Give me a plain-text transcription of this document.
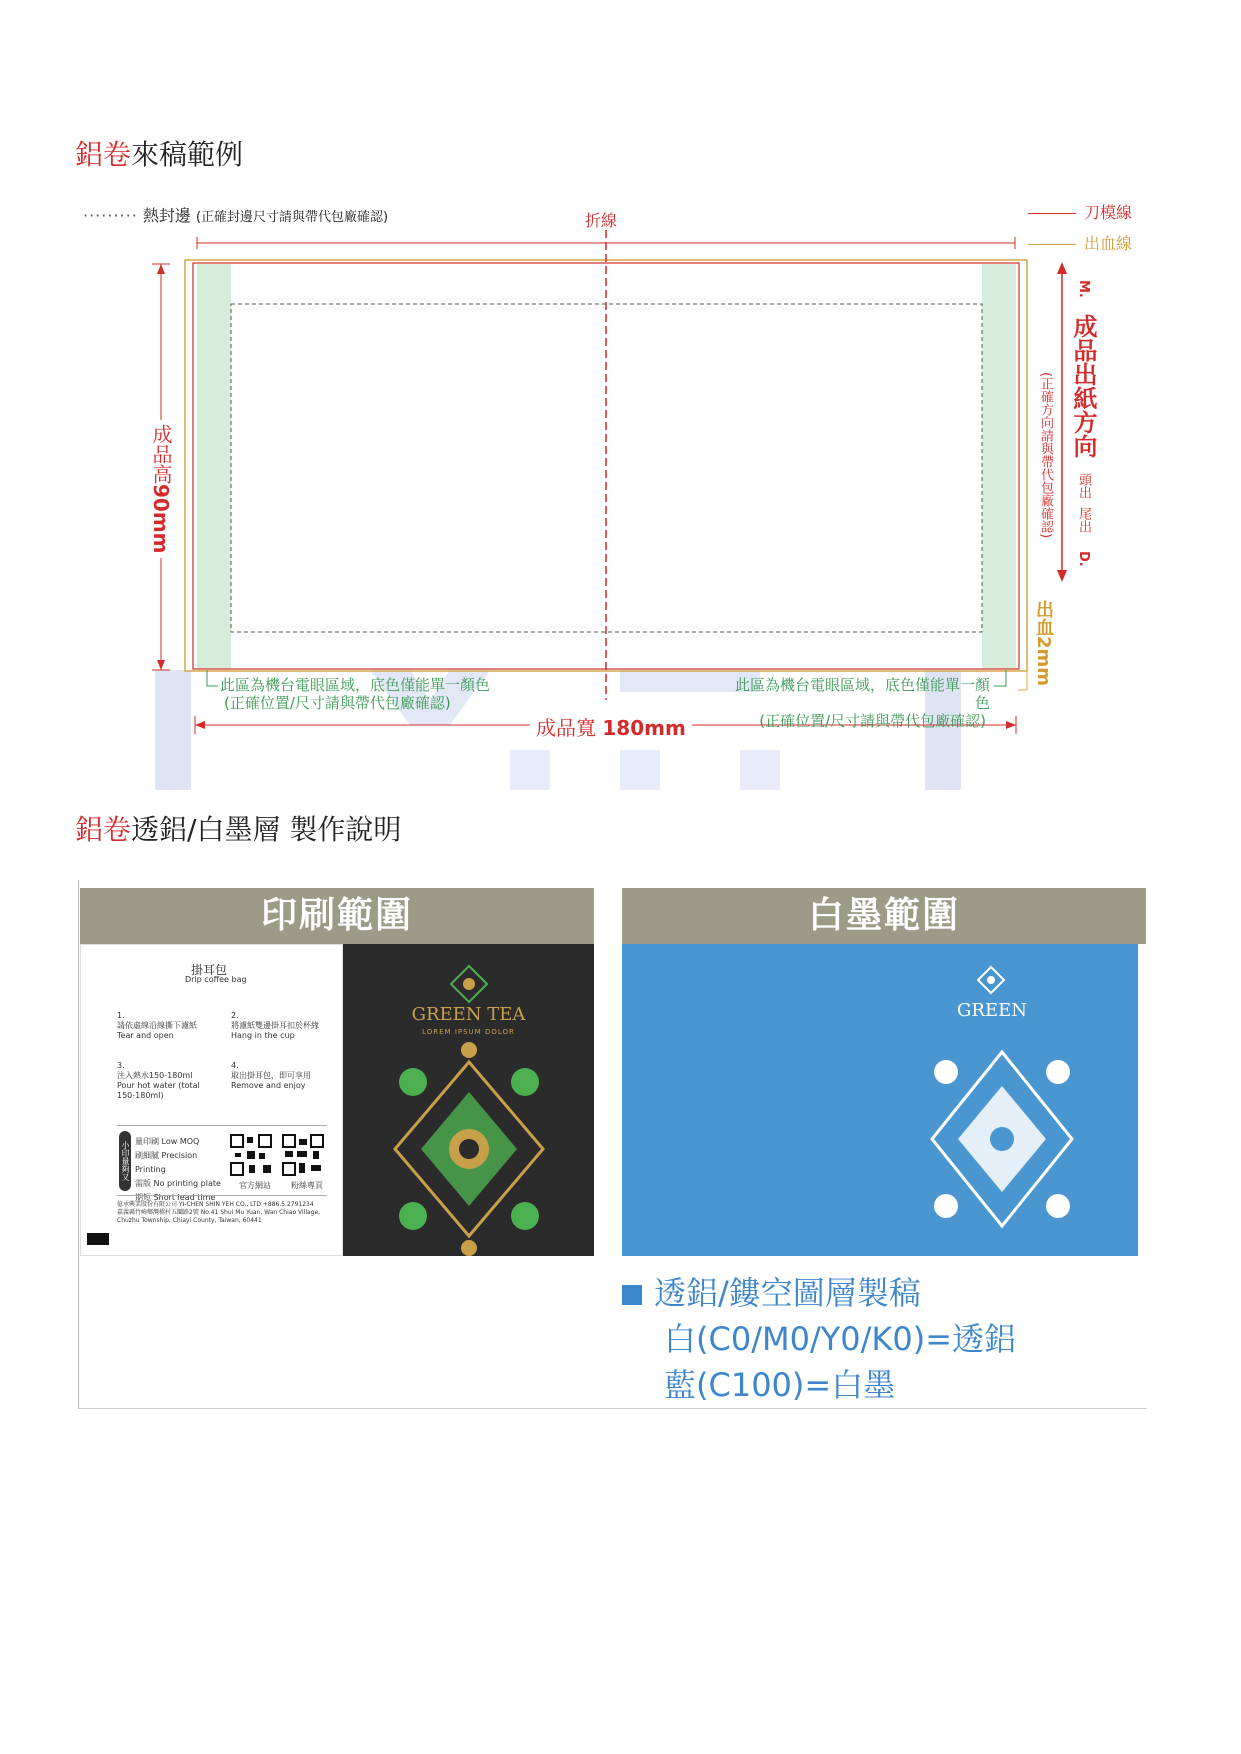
鋁卷來稿範例
········· 熱封邊 (正確封邊尺寸請與帶代包廠確認)	折線	刀模線
出血線
成品高90mm
成品寬 180mm
M. 成品出紙方向 頭出 尾出 D.
(正確方向請與帶代包廠確認)
出血2mm
此區為機台電眼區域，底色僅能單一顏色
(正確位置/尺寸請與帶代包廠確認)
此區為機台電眼區域，底色僅能單一顏色
(正確位置/尺寸請與帶代包廠確認)
鋁卷透鋁/白墨層 製作說明
印刷範圍	白墨範圍
掛耳包
Drip coffee bag
1.
請依虛線沿線撕下濾紙
Tear and open
2.
將濾紙雙邊掛耳扣於杯緣
Hang in the cup
3.
注入熱水150-180ml
Pour hot water (total 150-180ml)
4.
取出掛耳包，即可享用
Remove and enjoy
小印量夠又 量印刷 Low MOQ
刷細膩 Precision Printing
需版 No printing plate
期短 Short lead time
官方網站	粉絲專頁
億承興業股份有限公司 YI-CHEN SHIN YEH CO., LTD +886.5.2791234
嘉義縣竹崎鄉灣橋村五鬮路2號 No.41 Shui Mu Yuan, Wan Chiao Village, Chuzhu Township, Chiayi County, Taiwan, 60441
GREEN TEA
LOREM IPSUM DOLOR
GREEN
透鋁/鏤空圖層製稿
白(C0/M0/Y0/K0)=透鋁
藍(C100)=白墨
